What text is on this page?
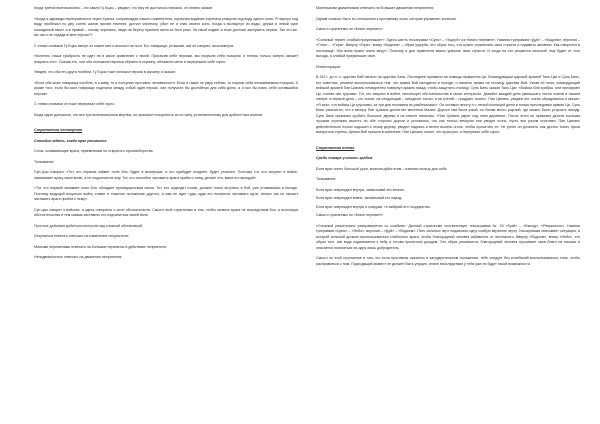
Когда третий военачальник – его звали Гу Ецзы – увидел, что ему не досталось персика, он гневно сказал:

«Когда я однажды переправлялся через Хуанхэ, сопровождая нашего повелителя, огромная водяная черепаха утащила под воду одного коня. Я нырнул под воду, пробежал по дну сотню шагов против течения, догнал черепаху, убил ее и спас своего коня. Когда я вынырнул из воды, держа в левой руке лошадиный хвост, а в правой – голову черепахи, люди на берегу приняли меня за бога реки. За такой подвиг я тоже достоин заслужить персик. Так что же, вы так и не отдадите мне персик?»

С этими словами Гу Ецзы вынул из ножен меч и вскочил на ноги. Его товарищи, услышав, как он говорил, воскликнули:

«Конечно, наша храбрость не идет ни в какое сравнение с твоей. Присвоив себе персики, мы покрыли себя позором, и теперь только смерть сможет искупить его». Сказав это, они оба положили персики обратно в корзину, обнажили мечи и перерезали себе горло.

Увидев, что оба его друга погибли, Гу Ецзы тоже положил персик в корзину и сказал:

«Если оба моих товарища погибли, а я живу, то я поступаю противно человечности. Если я также не умру сейчас, то покрою себя несмываемым позором. А кроме того, если бы мои товарищи поделили между собой один персик, они получили бы достойную для себя долю, а я мог бы взять себе оставшийся персик».

С этими словами он тоже перерезал себе горло.

Когда царю доложили, что все три военачальника мертвы, он приказал похоронить их по чину, установленному для доблестных воинов.

Стратагема четвертая
Спокойно ждать, когда враг утомится

Силы, сковывающие врага, приемлемые их открытого противоборства.

Толкование:

Сун-Цзы говорил: «Тот, кто первым займет поле боя, будет в выигрыше, а кто прибудет позднее, будет утомлен. Поэтому тот, кто искусен в войне, навязывает врагу свою волю, а не подчиняется ему. Тот, кто способен заставить врага прийти к нему, делает это, маня его выгодой».

«Тот, кто первый занимает поле боя, обладает преимуществом покоя. Тот, кто подходит позже, должен точно вступить в бой, уже утомившись в походе. Поэтому ведущий искусную войну ставит в тяжелое положение другого, а сам не идет туда, куда его пытаются заставить идти; только так он сможет заставить врага прийти к нему».

Сун-цзы говорит о войсках, а здесь говорится о силе обстоятельств. Смысл этой стратагемы в том, чтобы сковать врага не посредством боя, а используя обстоятельства и тем самым заставить его подчиниться своей воле.

Простые действия добиться контроля над сложной обстановкой;

Откупиться немного отвечать на изменения неприятеля;

Малыми переменами отвечать на большие перемены в действиях неприятеля;

Неподвижностью отвечать на движения неприятеля;

Маленькими движениями отвечать на большие движения неприятеля;

Одним словом, быть по отношению к противнику осью, которая управляет колесом.

Смысл стратагемы по «Книге перемен»:

«Сильный теряет, слабый приумножает». Здесь шесть гексаграмм «Сунь» – «Ущерб» из «Книги перемен». Нижняя триграмма «Дуй» – «Водоем», верхняя – «Гэнь» – «Гора». Вверху «Гора», внизу «Водоем» – образ ущерба, это образ того, что нужно ограничить свои страсти и подавить желания. Как говорится в пословице: «Во всем нужно знать меру». Поэтому и для правителя важно умерять свои страсти. И когда на это решается сильный, ему будет от того выгода, а слабый приумножит свое.

Иллюстрация:

В 342 г. до н. э. царство Вэй напало на царство Хань. Последнее призвало на помощь правителя Ци. Командующим царской армией Тянь Цзи и Сунь Бинь, его советник, решили воспользоваться тем, что армия Вэй находится в походе, и напасть прямо на столицу царства Вэй. Узнав об этом, командующий вэйской армией Пан Цзюань немедленно повернул армию назад, чтобы защитить столицу. Сунь Бинь сказал Тянь Цзи: «Войска Вэй храбры, они презирают Ци, считая нас трусами. Тот, кто искусен в войне, использует обстоятельства в своих интересах. Давайте каждый день уменьшать число очагов в нашем лагере: в первый день – сто тысяч, на следующий – пятьдесят тысяч, а на третий – тридцать тысяч». Пан Цзюань, увидев это, очень обрадовался и сказал: «Я знал, что войска Ци трусливы, за три дня половина их разбежалась». Он оставил пехоту и с легкой конницей днем и ночью преследовал армию Ци. Сунь Бинь рассчитал, что к вечеру Пан Цзюань достигнет местечка Малин. Дорога там была узкой, по бокам много ущелий, где можно было устроить засаду. Сунь Бинь приказал срубить большое дерево и на стволе написать: «Пан Цзюань умрет под этим деревом». После этого он приказал десяти тысячам лучшим стрелкам засесть по обе стороны дороги и условился, что как только вечером они увидят огонь, пусть все разом стреляют. Пан Цзюань действительно ночью подошел к этому дереву, увидел надпись и велел высечь огонь, чтобы прочитать ее. Не успел он дочитать, как десять тысяч луков выпустили стрелы. Армия Вэй пришла в смятение. Пан Цзюань понял, что проиграл, и перерезал себе горло.

Стратагема пятая
Среди пожара учинить грабеж

Если враг понес большой урон, воспользуйся этим – извлеки пользу для себя.

Толкование:

Если враг поврежден внутри, захватывай его землю;

Если враг поврежден вовне, захватывай его народ;

Если враг поврежден внутри и снаружи, то забирай его государство.

Смысл стратагемы по «Книге перемен»:

«Сильный решительно расправляется со слабым». Данный стратагеме соответствует гексаграмма № 43 «Гуай» – «Выход», «Решимость». Нижняя триграмма «Цянь» – «Небо», верхняя – «Дуй» – «Водоем». Пять сильных черт подавляют одну слабую верхнюю черту. Гексаграмма описывает ситуацию, в которой сильный должен воспользоваться слабостью врага, чтобы благородный человек избавился от ничтожного. Вверху «Водоем», внизу «Небо», это образ того, как вода поднимается к небу и готова пролиться дождем. Это образ решимости; благородный человек проливает свои блага на низших и опасается полагаться на одну лишь добродетель.

Смысл по этой стратагеме в том, что если противник оказался в затруднительном положении, тебе следует без колебаний воспользоваться этим, чтобы расправиться с ним. Подходящий момент не должен быть упущен, иначе впоследствии у тебя уже не будет такой возможности.
